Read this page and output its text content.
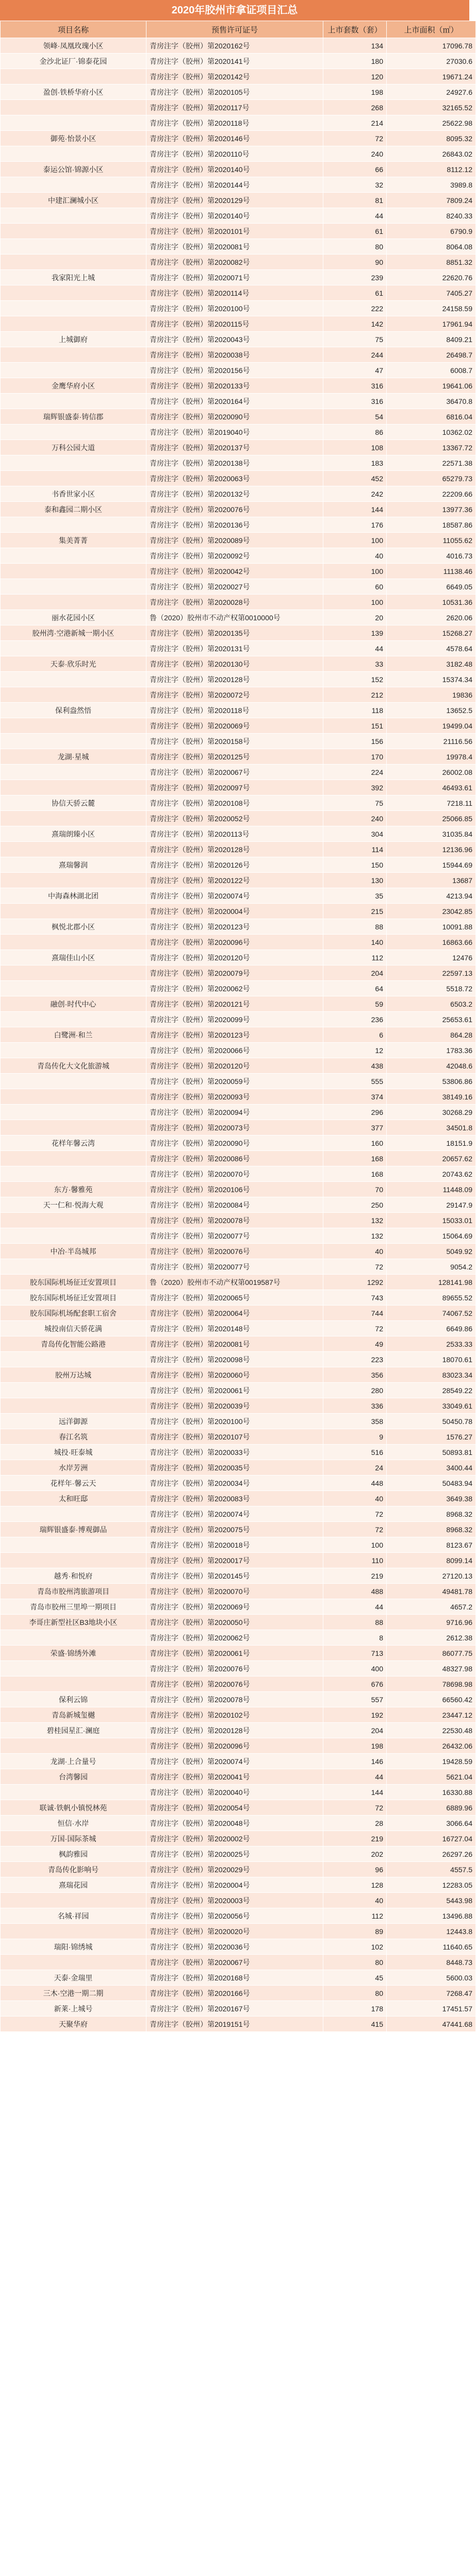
2020年胶州市拿证项目汇总
项目名称	预售许可证号	上市套数（套）	上市面积（㎡）
领峰·凤凰玫瑰小区	青房注字（胶州）第2020162号	134	17096.78
金沙北证厂·锦泰花园	青房注字（胶州）第2020141号	180	27030.6
	青房注字（胶州）第2020142号	120	19671.24
盈创·铁桥华府小区	青房注字（胶州）第2020105号	198	24927.6
	青房注字（胶州）第2020117号	268	32165.52
	青房注字（胶州）第2020118号	214	25622.98
御苑·怡景小区	青房注字（胶州）第2020146号	72	8095.32
	青房注字（胶州）第2020110号	240	26843.02
泰运公馆·锦源小区	青房注字（胶州）第2020140号	66	8112.12
	青房注字（胶州）第2020144号	32	3989.8
中建汇澜城小区	青房注字（胶州）第2020129号	81	7809.24
	青房注字（胶州）第2020140号	44	8240.33
	青房注字（胶州）第2020101号	61	6790.9
	青房注字（胶州）第2020081号	80	8064.08
	青房注字（胶州）第2020082号	90	8851.32
我家阳光上城	青房注字（胶州）第2020071号	239	22620.76
	青房注字（胶州）第2020114号	61	7405.27
	青房注字（胶州）第2020100号	222	24158.59
	青房注字（胶州）第2020115号	142	17961.94
上城御府	青房注字（胶州）第2020043号	75	8409.21
	青房注字（胶州）第2020038号	244	26498.7
	青房注字（胶州）第2020156号	47	6008.7
金鹰华府小区	青房注字（胶州）第2020133号	316	19641.06
	青房注字（胶州）第2020164号	316	36470.8
瑞辉银盛泰·铸信郡	青房注字（胶州）第2020090号	54	6816.04
	青房注字（胶州）第2019040号	86	10362.02
万科公园大道	青房注字（胶州）第2020137号	108	13367.72
	青房注字（胶州）第2020138号	183	22571.38
	青房注字（胶州）第2020063号	452	65279.73
书香世家小区	青房注字（胶州）第2020132号	242	22209.66
泰和鑫园二期小区	青房注字（胶州）第2020076号	144	13977.36
	青房注字（胶州）第2020136号	176	18587.86
集美菁菁	青房注字（胶州）第2020089号	100	11055.62
	青房注字（胶州）第2020092号	40	4016.73
	青房注字（胶州）第2020042号	100	11138.46
	青房注字（胶州）第2020027号	60	6649.05
	青房注字（胶州）第2020028号	100	10531.36
丽水花园小区	鲁（2020）胶州市不动产权第0010000号	20	2620.06
胶州湾·空港新城一期小区	青房注字（胶州）第2020135号	139	15268.27
	青房注字（胶州）第2020131号	44	4578.64
天泰·欣乐时光	青房注字（胶州）第2020130号	33	3182.48
	青房注字（胶州）第2020128号	152	15374.34
	青房注字（胶州）第2020072号	212	19836
保利盎然悟	青房注字（胶州）第2020118号	118	13652.5
	青房注字（胶州）第2020069号	151	19499.04
	青房注字（胶州）第2020158号	156	21116.56
龙湖·星城	青房注字（胶州）第2020125号	170	19978.4
	青房注字（胶州）第2020067号	224	26002.08
	青房注字（胶州）第2020097号	392	46493.61
协信天骄云麓	青房注字（胶州）第2020108号	75	7218.11
	青房注字（胶州）第2020052号	240	25066.85
熹瑞朗臻小区	青房注字（胶州）第2020113号	304	31035.84
	青房注字（胶州）第2020128号	114	12136.96
熹瑞馨润	青房注字（胶州）第2020126号	150	15944.69
	青房注字（胶州）第2020122号	130	13687
中海森林湖北团	青房注字（胶州）第2020074号	35	4213.94
	青房注字（胶州）第2020004号	215	23042.85
枫悦北郡小区	青房注字（胶州）第2020123号	88	10091.88
	青房注字（胶州）第2020096号	140	16863.66
熹瑞佳山小区	青房注字（胶州）第2020120号	112	12476
	青房注字（胶州）第2020079号	204	22597.13
	青房注字（胶州）第2020062号	64	5518.72
融创·时代中心	青房注字（胶州）第2020121号	59	6503.2
	青房注字（胶州）第2020099号	236	25653.61
白鹭洲·和兰	青房注字（胶州）第2020123号	6	864.28
	青房注字（胶州）第2020066号	12	1783.36
青岛传化大文化旅游城	青房注字（胶州）第2020120号	438	42048.6
	青房注字（胶州）第2020059号	555	53806.86
	青房注字（胶州）第2020093号	374	38149.16
	青房注字（胶州）第2020094号	296	30268.29
	青房注字（胶州）第2020073号	377	34501.8
花样年馨云湾	青房注字（胶州）第2020090号	160	18151.9
	青房注字（胶州）第2020086号	168	20657.62
	青房注字（胶州）第2020070号	168	20743.62
东方·馨雅苑	青房注字（胶州）第2020106号	70	11448.09
天一仁和·悦海大观	青房注字（胶州）第2020084号	250	29147.9
	青房注字（胶州）第2020078号	132	15033.01
	青房注字（胶州）第2020077号	132	15064.69
中冶·半岛城邦	青房注字（胶州）第2020076号	40	5049.92
	青房注字（胶州）第2020077号	72	9054.2
胶东国际机场征迁安置项目	鲁（2020）胶州市不动产权第0019587号	1292	128141.98
胶东国际机场征迁安置项目	青房注字（胶州）第2020065号	743	89655.52
胶东国际机场配套职工宿舍	青房注字（胶州）第2020064号	744	74067.52
城投南信天骄花满	青房注字（胶州）第2020148号	72	6649.86
青岛传化智能公路港	青房注字（胶州）第2020081号	49	2533.33
	青房注字（胶州）第2020098号	223	18070.61
胶州万达城	青房注字（胶州）第2020060号	356	83023.34
	青房注字（胶州）第2020061号	280	28549.22
	青房注字（胶州）第2020039号	336	33049.61
远洋御源	青房注字（胶州）第2020100号	358	50450.78
春江名筑	青房注字（胶州）第2020107号	9	1576.27
城投·旺泰城	青房注字（胶州）第2020033号	516	50893.81
水岸芳洲	青房注字（胶州）第2020035号	24	3400.44
花样年·馨云天	青房注字（胶州）第2020034号	448	50483.94
太和旺邸	青房注字（胶州）第2020083号	40	3649.38
	青房注字（胶州）第2020074号	72	8968.32
瑞辉银盛泰·博观御品	青房注字（胶州）第2020075号	72	8968.32
	青房注字（胶州）第2020018号	100	8123.67
	青房注字（胶州）第2020017号	110	8099.14
越秀·和悦府	青房注字（胶州）第2020145号	219	27120.13
青岛市胶州湾旅游项目	青房注字（胶州）第2020070号	488	49481.78
青岛市胶州三里埠一期项目	青房注字（胶州）第2020069号	44	4657.2
李哥庄新型社区B3地块小区	青房注字（胶州）第2020050号	88	9716.96
	青房注字（胶州）第2020062号	8	2612.38
荣盛·锦绣外滩	青房注字（胶州）第2020061号	713	86077.75
	青房注字（胶州）第2020076号	400	48327.98
	青房注字（胶州）第2020076号	676	78698.98
保利云锦	青房注字（胶州）第2020078号	557	66560.42
青岛新城玺樾	青房注字（胶州）第2020102号	192	23447.12
碧桂园星汇·澜庭	青房注字（胶州）第2020128号	204	22530.48
	青房注字（胶州）第2020096号	198	26432.06
龙湖·上合量号	青房注字（胶州）第2020074号	146	19428.59
台湾馨园	青房注字（胶州）第2020041号	44	5621.04
	青房注字（胶州）第2020040号	144	16330.88
联诚·铁帆小镇悦林苑	青房注字（胶州）第2020054号	72	6889.96
恒信·水岸	青房注字（胶州）第2020048号	28	3066.64
万国·国际茶城	青房注字（胶州）第2020002号	219	16727.04
枫韵雅园	青房注字（胶州）第2020025号	202	26297.26
青岛传化影响号	青房注字（胶州）第2020029号	96	4557.5
熹瑞花园	青房注字（胶州）第2020004号	128	12283.05
	青房注字（胶州）第2020003号	40	5443.98
名城·祥园	青房注字（胶州）第2020056号	112	13496.88
	青房注字（胶州）第2020020号	89	12443.8
瑞阳·锦绣城	青房注字（胶州）第2020036号	102	11640.65
	青房注字（胶州）第2020067号	80	8448.73
天泰·金瑞里	青房注字（胶州）第2020168号	45	5600.03
三木·空港一期二期	青房注字（胶州）第2020166号	80	7268.47
新莱·上城号	青房注字（胶州）第2020167号	178	17451.57
天聚华府	青房注字（胶州）第2019151号	415	47441.68
